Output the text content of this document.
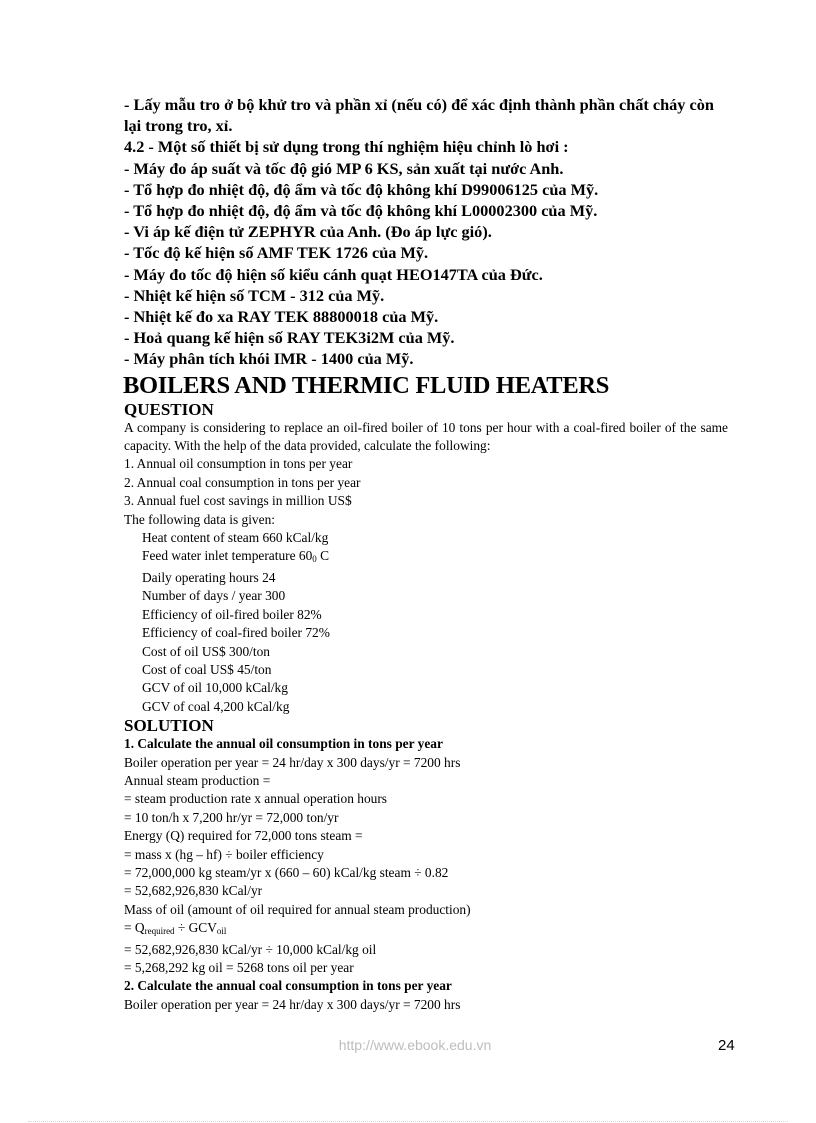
- Lấy mẫu tro ở bộ khử tro và phần xỉ (nếu có) để xác định thành phần chất cháy còn lại trong tro, xỉ.

4.2 - Một số thiết bị sử dụng trong thí nghiệm hiệu chỉnh lò hơi :

- Máy đo áp suất và tốc độ gió MP 6 KS, sản xuất tại nước Anh.

- Tổ hợp đo nhiệt độ, độ ẩm và tốc độ không khí D99006125 của Mỹ.

- Tổ hợp đo nhiệt độ, độ ẩm và tốc độ không khí L00002300 của Mỹ.

- Vi áp kế điện tử ZEPHYR của Anh. (Đo áp lực gió).

- Tốc độ kế hiện số AMF TEK 1726 của Mỹ.

- Máy đo tốc độ hiện số kiểu cánh quạt HEO147TA của Đức.

- Nhiệt kế hiện số TCM - 312 của Mỹ.

- Nhiệt kế đo xa RAY TEK 88800018 của Mỹ.

- Hoả quang kế hiện số RAY TEK3i2M của Mỹ.

- Máy phân tích khói IMR - 1400 của Mỹ.

BOILERS AND THERMIC FLUID HEATERS

QUESTION

A company is considering to replace an oil-fired boiler of 10 tons per hour with a coal-fired boiler of the same capacity. With the help of the data provided, calculate the following:

1. Annual oil consumption in tons per year

2. Annual coal consumption in tons per year

3. Annual fuel cost savings in million US$

The following data is given:

Heat content of steam 660 kCal/kg

Feed water inlet temperature $60_0$ C

Daily operating hours 24

Number of days / year 300

Efficiency of oil-fired boiler 82%

Efficiency of coal-fired boiler 72%

Cost of oil US$ 300/ton

Cost of coal US$ 45/ton

GCV of oil 10,000 kCal/kg

GCV of coal 4,200 kCal/kg

SOLUTION

1. Calculate the annual oil consumption in tons per year

Boiler operation per year = 24 hr/day x 300 days/yr = 7200 hrs

Annual steam production =

= steam production rate x annual operation hours

= 10 ton/h x 7,200 hr/yr = 72,000 ton/yr

Energy (Q) required for 72,000 tons steam =

= mass x (hg – hf) ÷ boiler efficiency

= 72,000,000 kg steam/yr x (660 – 60) kCal/kg steam ÷ 0.82

= 52,682,926,830 kCal/yr

Mass of oil (amount of oil required for annual steam production)

= $Q_{required} \div GCV_{oil}$

= 52,682,926,830 kCal/yr ÷ 10,000 kCal/kg oil

= 5,268,292 kg oil = 5268 tons oil per year

2. Calculate the annual coal consumption in tons per year

Boiler operation per year = 24 hr/day x 300 days/yr = 7200 hrs

http://www.ebook.edu.vn	24
